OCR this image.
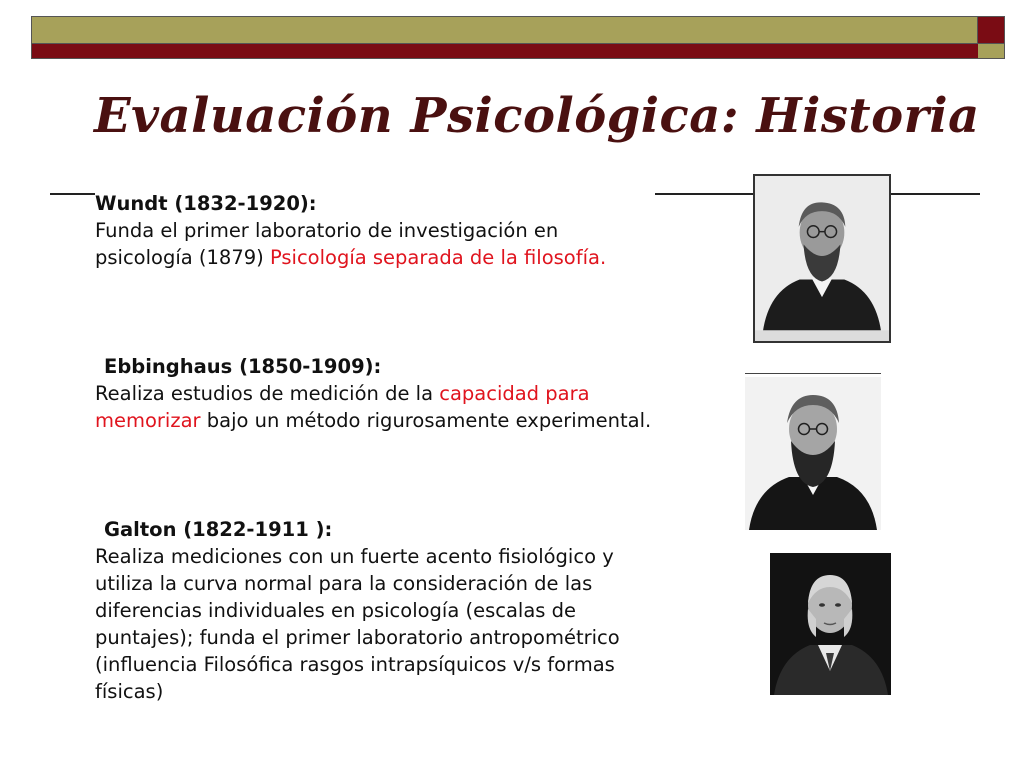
Evaluación Psicológica: Historia
Wundt (1832-1920):
Funda el primer laboratorio de investigación en psicología (1879) Psicología separada de la filosofía.
Ebbinghaus (1850-1909):
Realiza estudios de medición de la capacidad para memorizar bajo un método rigurosamente experimental.
Galton (1822-1911 ):
Realiza mediciones con un fuerte acento fisiológico y utiliza la curva normal para la consideración de las diferencias individuales en psicología (escalas de puntajes); funda el primer laboratorio antropométrico (influencia Filosófica rasgos intrapsíquicos v/s formas físicas)
